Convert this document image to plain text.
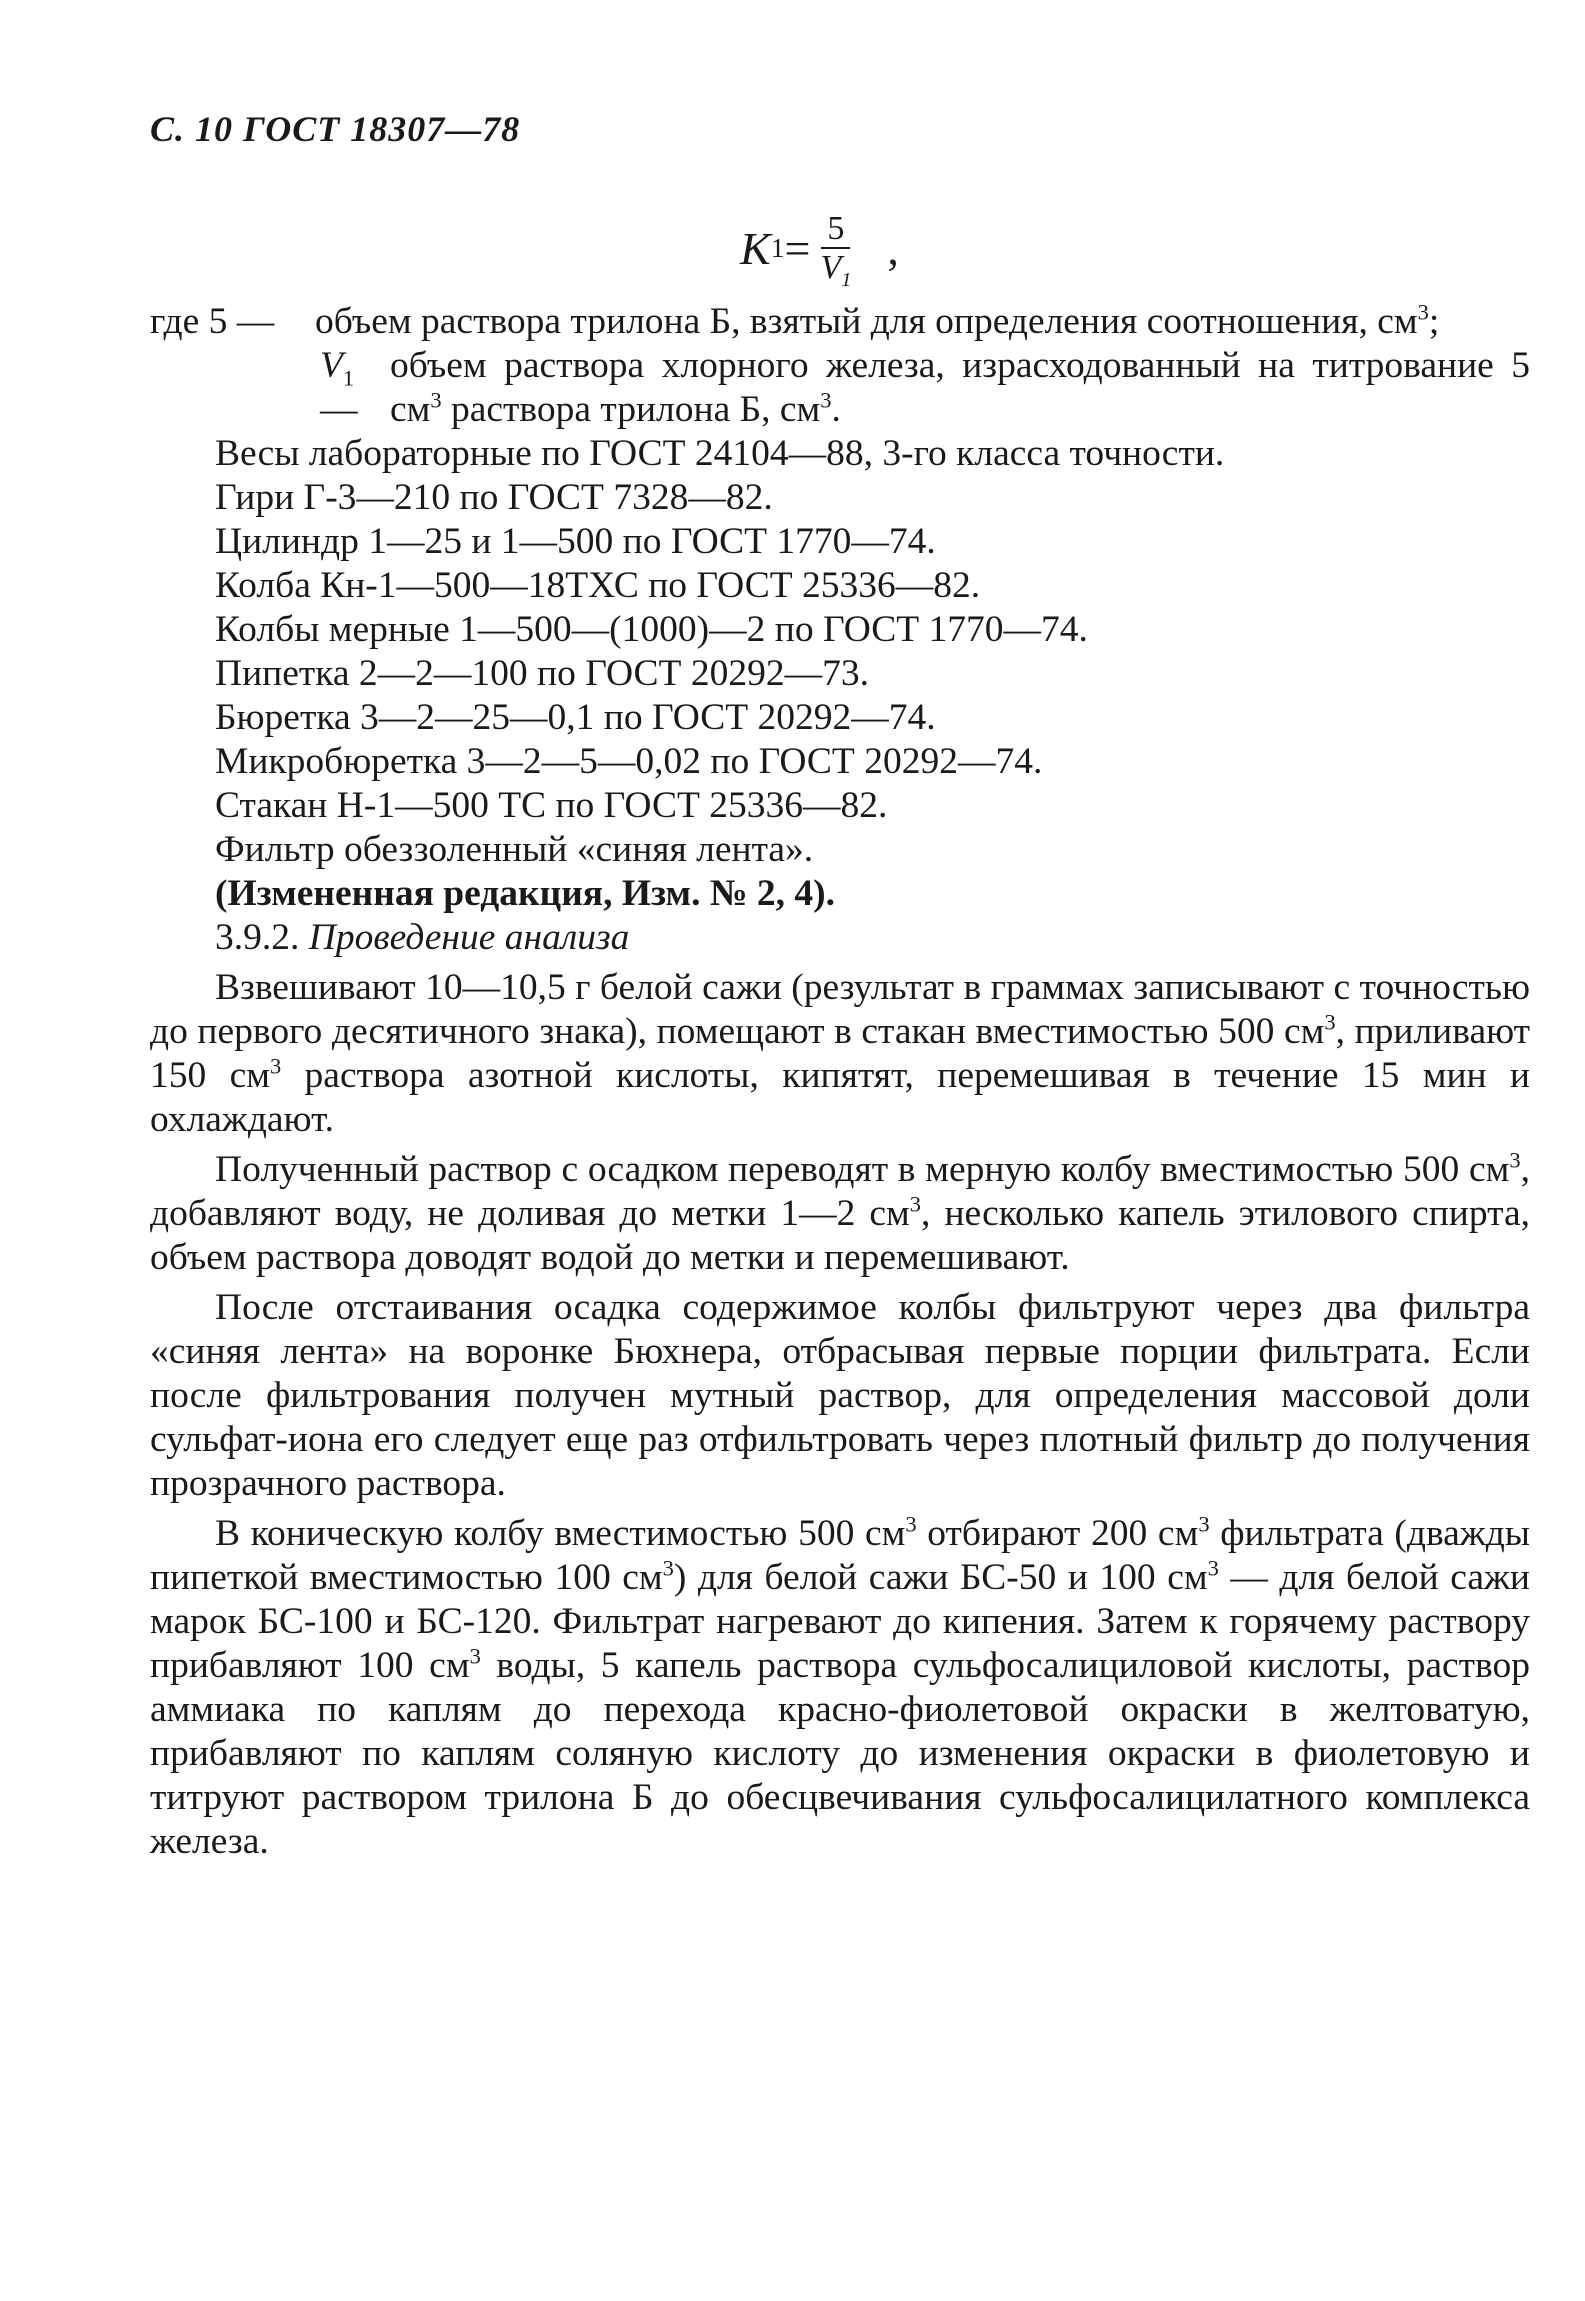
С. 10 ГОСТ 18307—78
K $1 = \frac{5}{V_1}$ ,
где 5 —	объем раствора трилона Б, взятый для определения соотношения, $см^3$;
$V_1$ —
объем раствора хлорного железа, израсходованный на титрование 5 $см^3$ раствора трилона Б, $см^3$.
Весы лабораторные по ГОСТ 24104—88, 3-го класса точности.
Гири Г-3—210 по ГОСТ 7328—82.
Цилиндр 1—25 и 1—500 по ГОСТ 1770—74.
Колба Кн-1—500—18ТХС по ГОСТ 25336—82.
Колбы мерные 1—500—(1000)—2 по ГОСТ 1770—74.
Пипетка 2—2—100 по ГОСТ 20292—73.
Бюретка 3—2—25—0,1 по ГОСТ 20292—74.
Микробюретка 3—2—5—0,02 по ГОСТ 20292—74.
Стакан Н-1—500 ТС по ГОСТ 25336—82.
Фильтр обеззоленный «синяя лента».
(Измененная редакция, Изм. № 2, 4).
3.9.2. Проведение анализа
Взвешивают 10—10,5 г белой сажи (результат в граммах записывают с точностью до первого десятичного знака), помещают в стакан вместимостью 500 $см^3$, приливают 150 $см^3$ раствора азотной кислоты, кипятят, перемешивая в течение 15 мин и охлаждают.
Полученный раствор с осадком переводят в мерную колбу вместимостью 500 $см^3$, добавляют воду, не доливая до метки 1—2 $см^3$, несколько капель этилового спирта, объем раствора доводят водой до метки и перемешивают.
После отстаивания осадка содержимое колбы фильтруют через два фильтра «синяя лента» на воронке Бюхнера, отбрасывая первые порции фильтрата. Если после фильтрования получен мутный раствор, для определения массовой доли сульфат-иона его следует еще раз отфильтровать через плотный фильтр до получения прозрачного раствора.
В коническую колбу вместимостью 500 $см^3$ отбирают 200 $см^3$ фильтрата (дважды пипеткой вместимостью 100 $см^3$) для белой сажи БС-50 и 100 $см^3$ — для белой сажи марок БС-100 и БС-120. Фильтрат нагревают до кипения. Затем к горячему раствору прибавляют 100 $см^3$ воды, 5 капель раствора сульфосалициловой кислоты, раствор аммиака по каплям до перехода красно-фиолетовой окраски в желтоватую, прибавляют по каплям соляную кислоту до изменения окраски в фиолетовую и титруют раствором трилона Б до обесцвечивания сульфосалицилатного комплекса железа.
